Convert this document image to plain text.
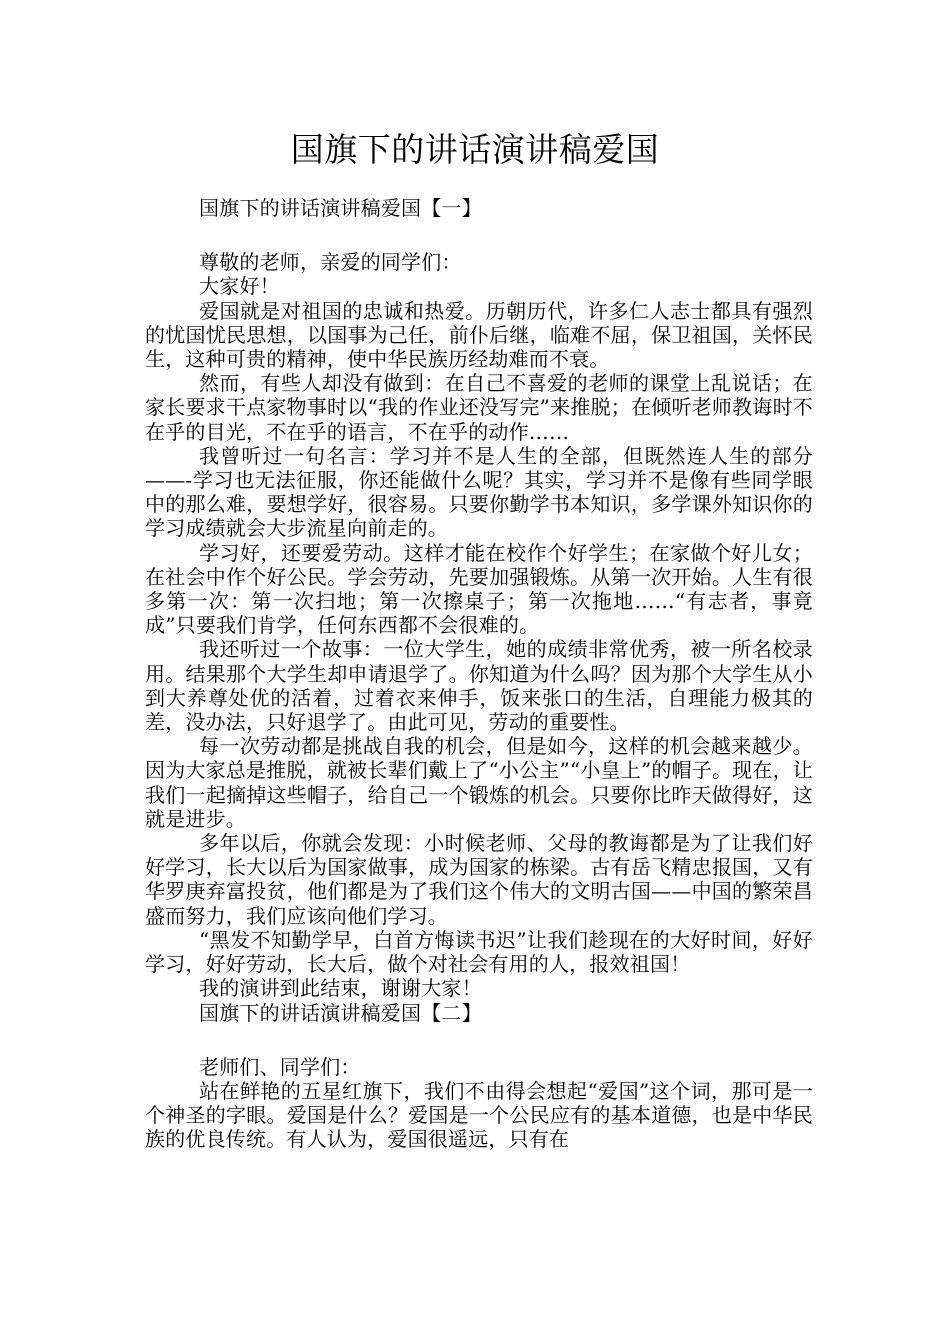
国旗下的讲话演讲稿爱国

国旗下的讲话演讲稿爱国【一】

尊敬的老师，亲爱的同学们：

大家好！

爱国就是对祖国的忠诚和热爱。历朝历代，许多仁人志士都具有强烈的忧国忧民思想，以国事为己任，前仆后继，临难不屈，保卫祖国，关怀民生，这种可贵的精神，使中华民族历经劫难而不衰。

然而，有些人却没有做到：在自己不喜爱的老师的课堂上乱说话；在家长要求干点家物事时以“我的作业还没写完”来推脱；在倾听老师教诲时不在乎的目光，不在乎的语言，不在乎的动作……

我曾听过一句名言：学习并不是人生的全部，但既然连人生的部分——-学习也无法征服，你还能做什么呢？其实，学习并不是像有些同学眼中的那么难，要想学好，很容易。只要你勤学书本知识，多学课外知识你的学习成绩就会大步流星向前走的。

学习好，还要爱劳动。这样才能在校作个好学生；在家做个好儿女；在社会中作个好公民。学会劳动，先要加强锻炼。从第一次开始。人生有很多第一次：第一次扫地；第一次擦桌子；第一次拖地……“有志者，事竟成”只要我们肯学，任何东西都不会很难的。

我还听过一个故事：一位大学生，她的成绩非常优秀，被一所名校录用。结果那个大学生却申请退学了。你知道为什么吗？因为那个大学生从小到大养尊处优的活着，过着衣来伸手，饭来张口的生活，自理能力极其的差，没办法，只好退学了。由此可见，劳动的重要性。

每一次劳动都是挑战自我的机会，但是如今，这样的机会越来越少。因为大家总是推脱，就被长辈们戴上了“小公主”“小皇上”的帽子。现在，让我们一起摘掉这些帽子，给自己一个锻炼的机会。只要你比昨天做得好，这就是进步。

多年以后，你就会发现：小时候老师、父母的教诲都是为了让我们好好学习，长大以后为国家做事，成为国家的栋梁。古有岳飞精忠报国，又有华罗庚弃富投贫，他们都是为了我们这个伟大的文明古国——中国的繁荣昌盛而努力，我们应该向他们学习。

“黑发不知勤学早，白首方悔读书迟”让我们趁现在的大好时间，好好学习，好好劳动，长大后，做个对社会有用的人，报效祖国！

我的演讲到此结束，谢谢大家！

国旗下的讲话演讲稿爱国【二】

老师们、同学们：

站在鲜艳的五星红旗下，我们不由得会想起“爱国”这个词，那可是一个神圣的字眼。爱国是什么？爱国是一个公民应有的基本道德，也是中华民族的优良传统。有人认为，爱国很遥远，只有在
